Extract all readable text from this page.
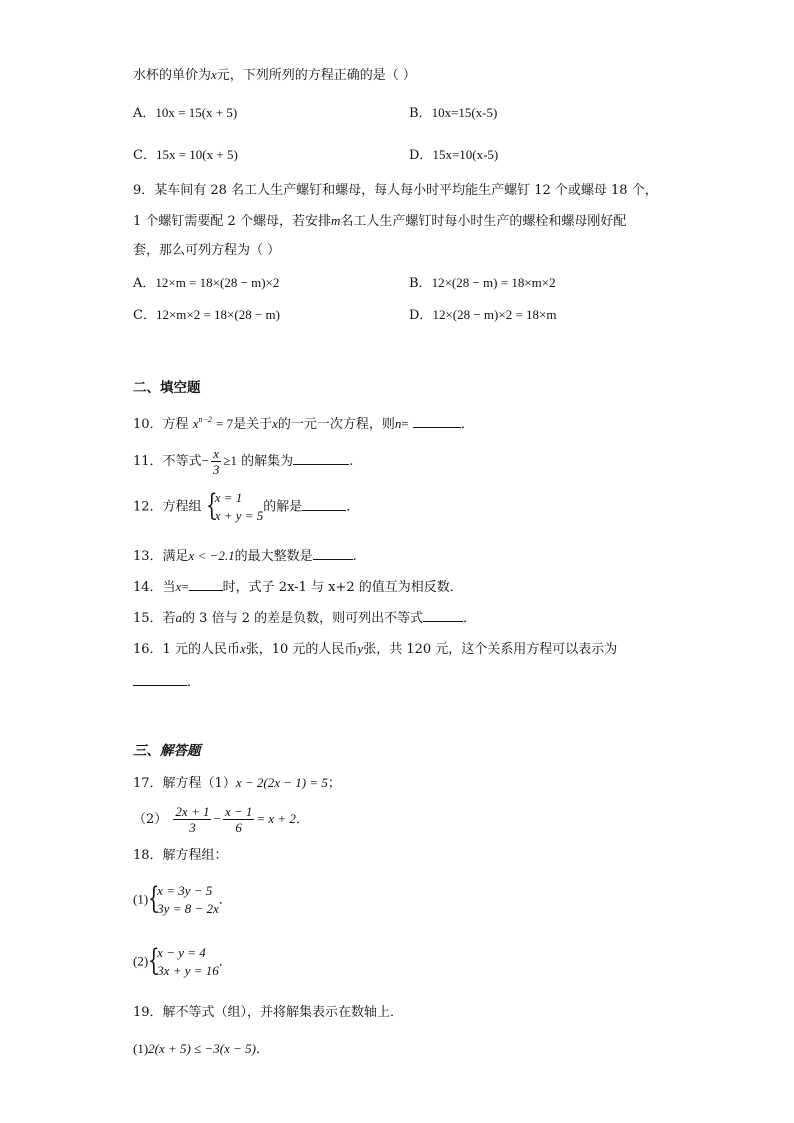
水杯的单价为x元，下列所列的方程正确的是（ ）
A．10x = 15(x + 5)	B．10x=15(x-5)
C．15x = 10(x + 5)	D．15x=10(x-5)
9．某车间有 28 名工人生产螺钉和螺母，每人每小时平均能生产螺钉 12 个或螺母 18 个，
1 个螺钉需要配 2 个螺母，若安排m名工人生产螺钉时每小时生产的螺栓和螺母刚好配
套，那么可列方程为（ ）
A．12×m = 18×(28 − m)×2	B．12×(28 − m) = 18×m×2
C．12×m×2 = 18×(28 − m)	D．12×(28 − m)×2 = 18×m
二、填空题
10．方程 $x^{n-2} = 7$是关于x的一元一次方程，则n=	．
11．不等式− $\frac{x}{3} \ge 1$ 的解集为	.
12．方程组 {
x = 1
x + y = 5
的解是	．
13．满足x < −2.1的最大整数是	.
14．当x=	时，式子 2x-1 与 x+2 的值互为相反数．
15．若a的 3 倍与 2 的差是负数，则可列出不等式	．
16．1 元的人民币x张，10 元的人民币y张，共 120 元，这个关系用方程可以表示为
．
三、解答题
17．解方程（1）x − 2(2x − 1) = 5；
$(2) \frac{2x + 1}{3} - \frac{x - 1}{6} = x + 2$．
18．解方程组：
(1) {
x = 3y − 5
3y = 8 − 2x
．
(2) {
x − y = 4
3x + y = 16
．
19．解不等式（组），并将解集表示在数轴上．
(1)2(x + 5) ≤ −3(x − 5)．
